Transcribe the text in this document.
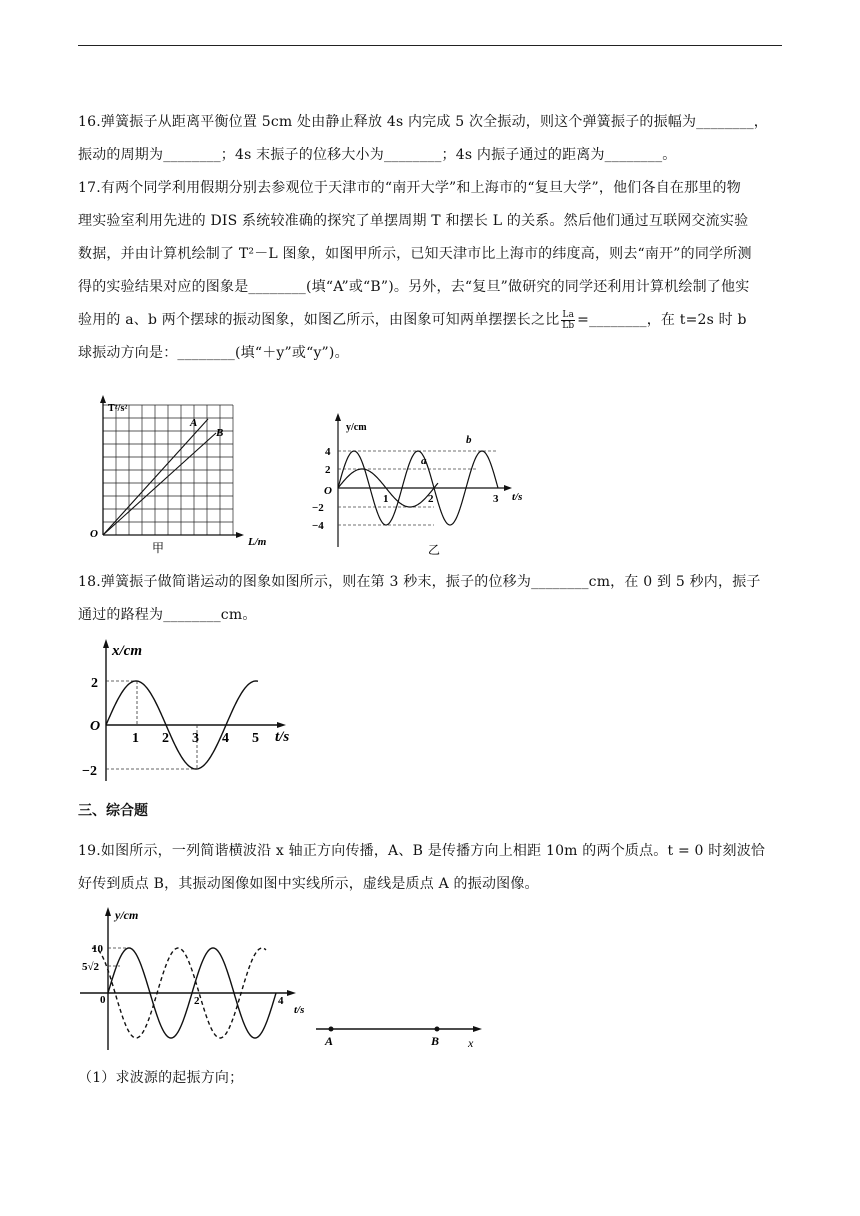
16.弹簧振子从距离平衡位置 5cm 处由静止释放 4s 内完成 5 次全振动，则这个弹簧振子的振幅为________，

振动的周期为________；4s 末振子的位移大小为________；4s 内振子通过的距离为________。

17.有两个同学利用假期分别去参观位于天津市的“南开大学”和上海市的“复旦大学”，他们各自在那里的物

理实验室利用先进的 DIS 系统较准确的探究了单摆周期 T 和摆长 L 的关系。然后他们通过互联网交流实验

数据，并由计算机绘制了 T²－L 图象，如图甲所示，已知天津市比上海市的纬度高，则去“南开”的同学所测

得的实验结果对应的图象是________(填“A”或“B”)。另外，去“复旦”做研究的同学还利用计算机绘制了他实

验用的 a、b 两个摆球的振动图象，如图乙所示，由图象可知两单摆摆长之比 $\frac{La}{Lb}$ =________，在 t=2s 时 b

球振动方向是：________(填“＋y”或“y”)。

T²/s²
A
B
O
L/m
甲
y/cm
a
b
4
2
−2
−4
O
1	2	3 t/s
乙

18.弹簧振子做简谐运动的图象如图所示，则在第 3 秒末，振子的位移为________cm，在 0 到 5 秒内，振子

通过的路程为________cm。

x/cm
2
−2
O
1 2 3 4 5 t/s
三、综合题

19.如图所示，一列简谐横波沿 x 轴正方向传播，A、B 是传播方向上相距 10m 的两个质点。t = 0 时刻波恰

好传到质点 B，其振动图像如图中实线所示，虚线是质点 A 的振动图像。

y/cm
10
5√2
0	2	4
t/s
A	B x

（1）求波源的起振方向；
